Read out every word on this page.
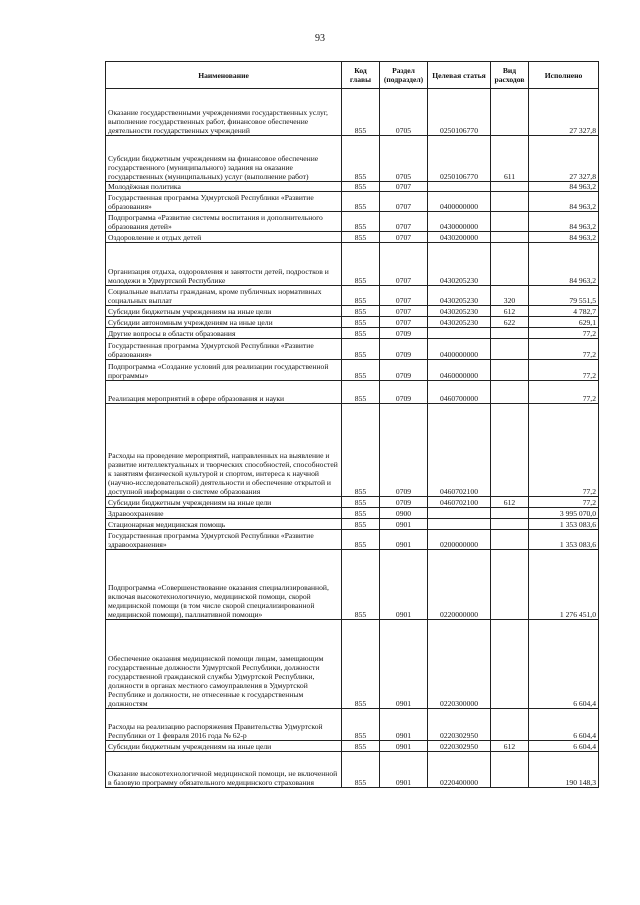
93
Наименование	Код главы	Раздел (подраздел)	Целевая статья	Вид расходов	Исполнено
Оказание государственными учреждениями государственных услуг, выполнение государственных работ, финансовое обеспечение деятельности государственных учреждений	855	0705	0250106770		27 327,8
Субсидии бюджетным учреждениям на финансовое обеспечение государственного (муниципального) задания на оказание государственных (муниципальных) услуг (выполнение работ)	855	0705	0250106770	611	27 327,8
Молодёжная политика	855	0707			84 963,2
Государственная программа Удмуртской Республики «Развитие образования»	855	0707	0400000000		84 963,2
Подпрограмма «Развитие системы воспитания и дополнительного образования детей»	855	0707	0430000000		84 963,2
Оздоровление и отдых детей	855	0707	0430200000		84 963,2
Организация отдыха, оздоровления и занятости детей, подростков и молодежи в Удмуртской Республике	855	0707	0430205230		84 963,2
Социальные выплаты гражданам, кроме публичных нормативных социальных выплат	855	0707	0430205230	320	79 551,5
Субсидии бюджетным учреждениям на иные цели	855	0707	0430205230	612	4 782,7
Субсидии автономным учреждениям на иные цели	855	0707	0430205230	622	629,1
Другие вопросы в области образования	855	0709			77,2
Государственная программа Удмуртской Республики «Развитие образования»	855	0709	0400000000		77,2
Подпрограмма «Создание условий для реализации государственной программы»	855	0709	0460000000		77,2
Реализация мероприятий в сфере образования и науки	855	0709	0460700000		77,2
Расходы на проведение мероприятий, направленных на выявление и развитие интеллектуальных и творческих способностей, способностей к занятиям физической культурой и спортом, интереса к научной (научно-исследовательской) деятельности и обеспечение открытой и доступной информации о системе образования	855	0709	0460702100		77,2
Субсидии бюджетным учреждениям на иные цели	855	0709	0460702100	612	77,2
Здравоохранение	855	0900			3 995 070,0
Стационарная медицинская помощь	855	0901			1 353 083,6
Государственная программа Удмуртской Республики «Развитие здравоохранения»	855	0901	0200000000		1 353 083,6
Подпрограмма «Совершенствование оказания специализированной, включая высокотехнологичную, медицинской помощи, скорой медицинской помощи (в том числе скорой специализированной медицинской помощи), паллиативной помощи»	855	0901	0220000000		1 276 451,0
Обеспечение оказания медицинской помощи лицам, замещающим государственные должности Удмуртской Республики, должности государственной гражданской службы Удмуртской Республики, должности в органах местного самоуправления в Удмуртской Республике и должности, не отнесенные к государственным должностям	855	0901	0220300000		6 604,4
Расходы на реализацию распоряжения Правительства Удмуртской Республики от 1 февраля 2016 года № 62-р	855	0901	0220302950		6 604,4
Субсидии бюджетным учреждениям на иные цели	855	0901	0220302950	612	6 604,4
Оказание высокотехнологичной медицинской помощи, не включенной в базовую программу обязательного медицинского страхования	855	0901	0220400000		190 148,3
